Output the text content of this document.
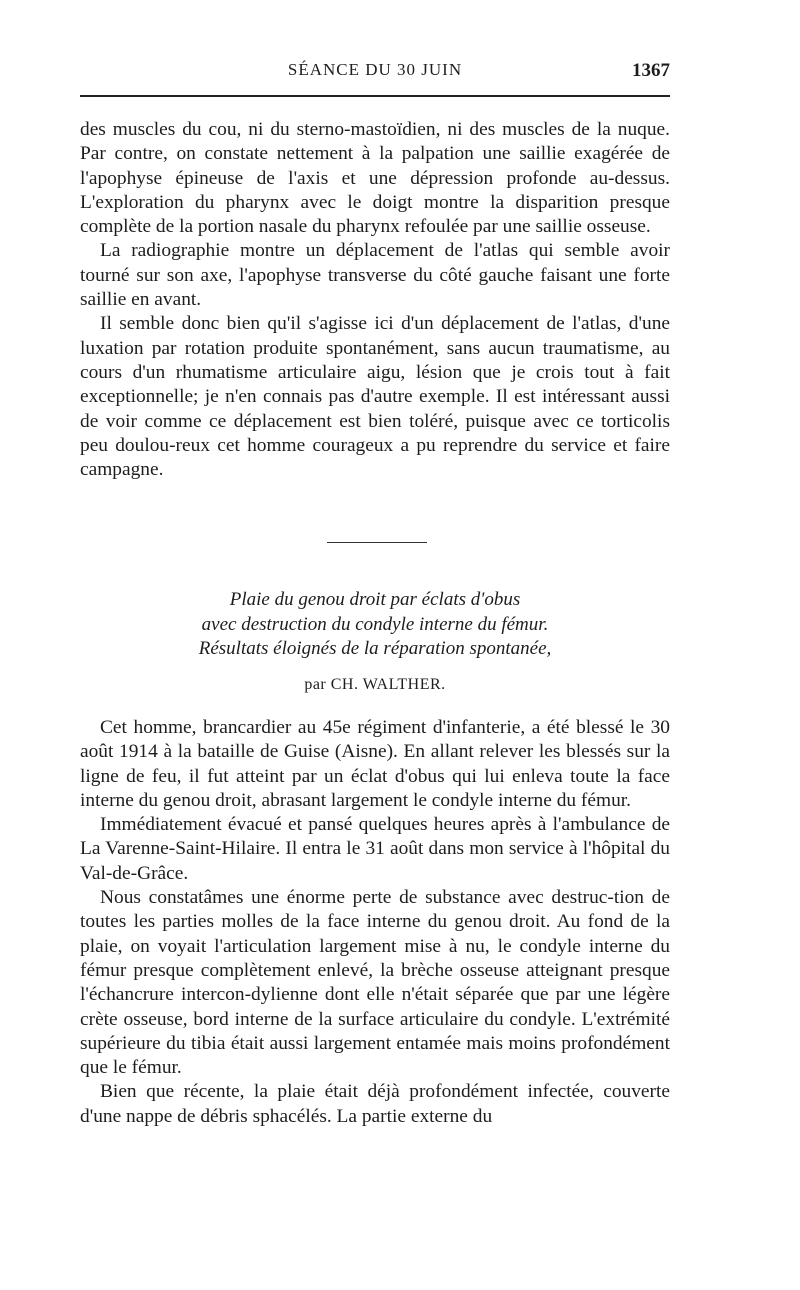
SÉANCE DU 30 JUIN	1367

des muscles du cou, ni du sterno-mastoïdien, ni des muscles de la nuque. Par contre, on constate nettement à la palpation une saillie exagérée de l'apophyse épineuse de l'axis et une dépression profonde au-dessus. L'exploration du pharynx avec le doigt montre la disparition presque complète de la portion nasale du pharynx refoulée par une saillie osseuse.

La radiographie montre un déplacement de l'atlas qui semble avoir tourné sur son axe, l'apophyse transverse du côté gauche faisant une forte saillie en avant.

Il semble donc bien qu'il s'agisse ici d'un déplacement de l'atlas, d'une luxation par rotation produite spontanément, sans aucun traumatisme, au cours d'un rhumatisme articulaire aigu, lésion que je crois tout à fait exceptionnelle; je n'en connais pas d'autre exemple. Il est intéressant aussi de voir comme ce déplacement est bien toléré, puisque avec ce torticolis peu doulou-reux cet homme courageux a pu reprendre du service et faire campagne.

Plaie du genou droit par éclats d'obus
avec destruction du condyle interne du fémur.
Résultats éloignés de la réparation spontanée,
par CH. WALTHER.

Cet homme, brancardier au 45e régiment d'infanterie, a été blessé le 30 août 1914 à la bataille de Guise (Aisne). En allant relever les blessés sur la ligne de feu, il fut atteint par un éclat d'obus qui lui enleva toute la face interne du genou droit, abrasant largement le condyle interne du fémur.

Immédiatement évacué et pansé quelques heures après à l'ambulance de La Varenne-Saint-Hilaire. Il entra le 31 août dans mon service à l'hôpital du Val-de-Grâce.

Nous constatâmes une énorme perte de substance avec destruc-tion de toutes les parties molles de la face interne du genou droit. Au fond de la plaie, on voyait l'articulation largement mise à nu, le condyle interne du fémur presque complètement enlevé, la brèche osseuse atteignant presque l'échancrure intercon-dylienne dont elle n'était séparée que par une légère crète osseuse, bord interne de la surface articulaire du condyle. L'extrémité supérieure du tibia était aussi largement entamée mais moins profondément que le fémur.

Bien que récente, la plaie était déjà profondément infectée, couverte d'une nappe de débris sphacélés. La partie externe du
